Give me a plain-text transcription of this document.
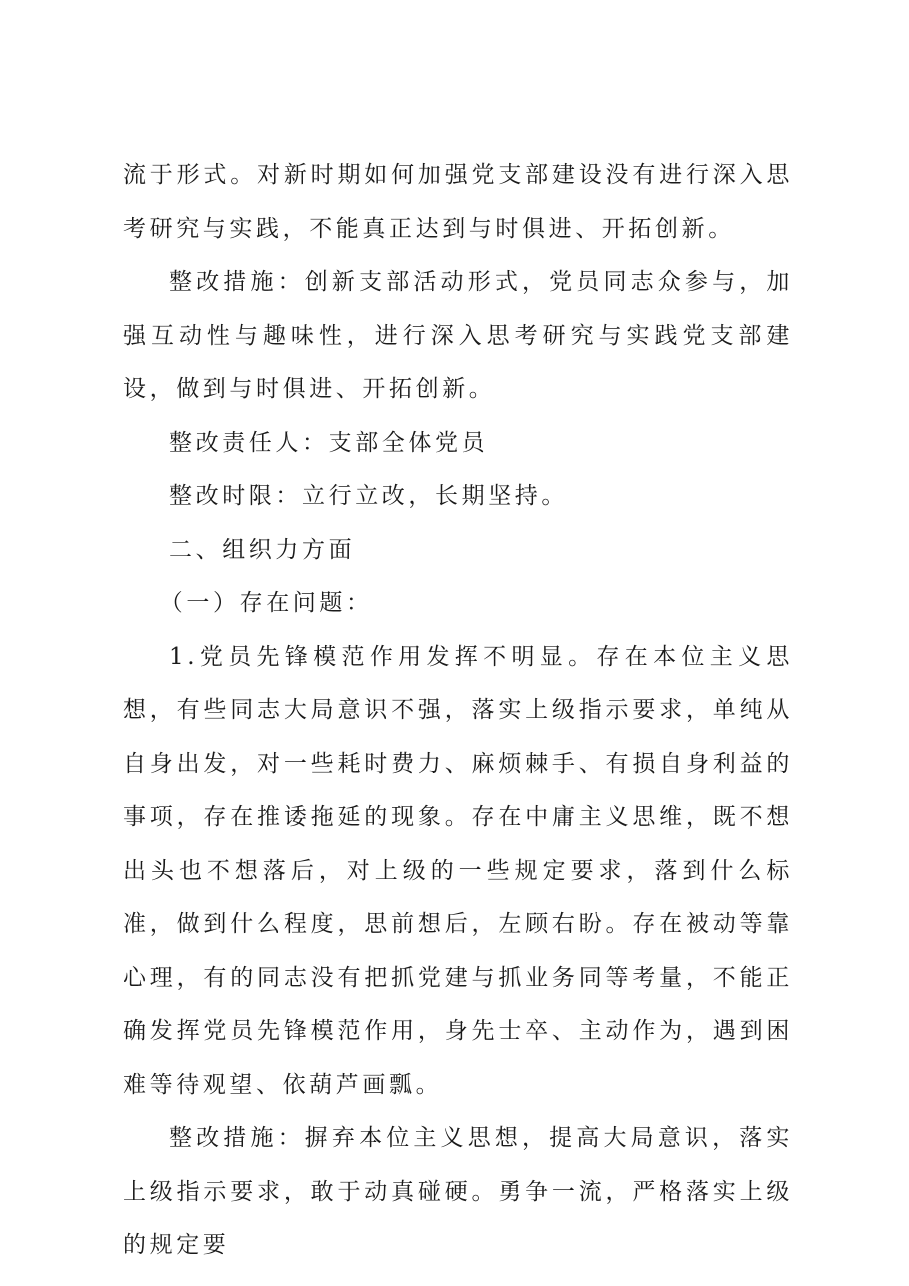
流于形式。对新时期如何加强党支部建设没有进行深入思考研究与实践，不能真正达到与时俱进、开拓创新。

整改措施：创新支部活动形式，党员同志众参与，加强互动性与趣味性，进行深入思考研究与实践党支部建设，做到与时俱进、开拓创新。

整改责任人：支部全体党员

整改时限：立行立改，长期坚持。

二、组织力方面

（一）存在问题：

1.党员先锋模范作用发挥不明显。存在本位主义思想，有些同志大局意识不强，落实上级指示要求，单纯从自身出发，对一些耗时费力、麻烦棘手、有损自身利益的事项，存在推诿拖延的现象。存在中庸主义思维，既不想出头也不想落后，对上级的一些规定要求，落到什么标准，做到什么程度，思前想后，左顾右盼。存在被动等靠心理，有的同志没有把抓党建与抓业务同等考量，不能正确发挥党员先锋模范作用，身先士卒、主动作为，遇到困难等待观望、依葫芦画瓢。

整改措施：摒弃本位主义思想，提高大局意识，落实上级指示要求，敢于动真碰硬。勇争一流，严格落实上级的规定要
